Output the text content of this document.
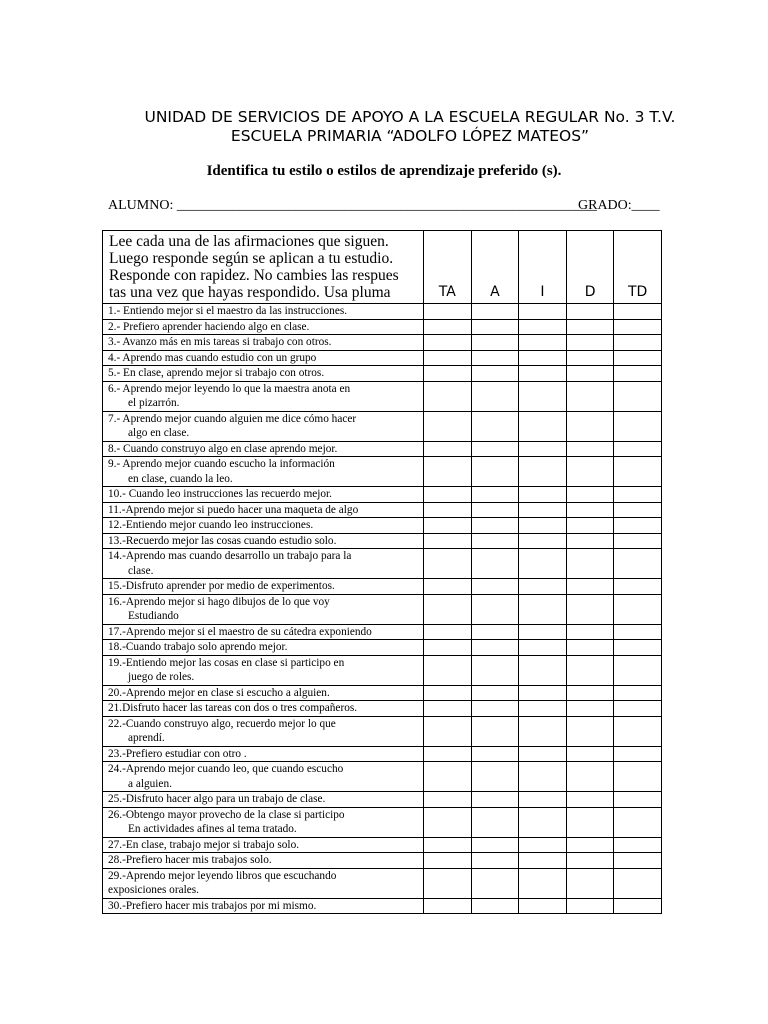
UNIDAD DE SERVICIOS DE APOYO A LA ESCUELA REGULAR No. 3 T.V.
ESCUELA PRIMARIA “ADOLFO LÓPEZ MATEOS”
Identifica tu estilo o estilos de aprendizaje preferido (s).
ALUMNO: ____________________________________________________________
GRADO:____
Lee cada una de las afirmaciones que siguen.
Luego responde según se aplican a tu estudio.
Responde con rapidez. No cambies las respues
tas una vez que hayas respondido. Usa pluma	TA	A	I	D	TD

1.- Entiendo mejor si el maestro da las instrucciones.					

2.- Prefiero aprender haciendo algo en clase.					

3.- Avanzo más en mis tareas si trabajo con otros.					

4.- Aprendo mas cuando estudio con un grupo					

5.- En clase, aprendo mejor si trabajo con otros.					

6.- Aprendo mejor leyendo lo que la maestra anota en
el pizarrón.					

7.- Aprendo mejor cuando alguien me dice cómo hacer
algo en clase.					

8.- Cuando construyo algo en clase aprendo mejor.					

9.- Aprendo mejor cuando escucho la información
en clase, cuando la leo.					

10.- Cuando leo instrucciones las recuerdo mejor.					

11.-Aprendo mejor si puedo hacer una maqueta de algo					

12.-Entiendo mejor cuando leo instrucciones.					

13.-Recuerdo mejor las cosas cuando estudio solo.					

14.-Aprendo mas cuando desarrollo un trabajo para la
clase.					

15.-Disfruto aprender por medio de experimentos.					

16.-Aprendo mejor si hago dibujos de lo que voy
Estudiando					

17.-Aprendo mejor si el maestro de su cátedra exponiendo					

18.-Cuando trabajo solo aprendo mejor.					

19.-Entiendo mejor las cosas en clase si participo en
juego de roles.					

20.-Aprendo mejor en clase si escucho a alguien.					

21.Disfruto hacer las tareas con dos o tres compañeros.					

22.-Cuando construyo algo, recuerdo mejor lo que
aprendí.					

23.-Prefiero estudiar con otro .					

24.-Aprendo mejor cuando leo, que cuando escucho
a alguien.					

25.-Disfruto hacer algo para un trabajo de clase.					

26.-Obtengo mayor provecho de la clase si participo
En actividades afines al tema tratado.					

27.-En clase, trabajo mejor si trabajo solo.					

28.-Prefiero hacer mis trabajos solo.					

29.-Aprendo mejor leyendo libros que escuchando
exposiciones orales.					

30.-Prefiero hacer mis trabajos por mi mismo.					
